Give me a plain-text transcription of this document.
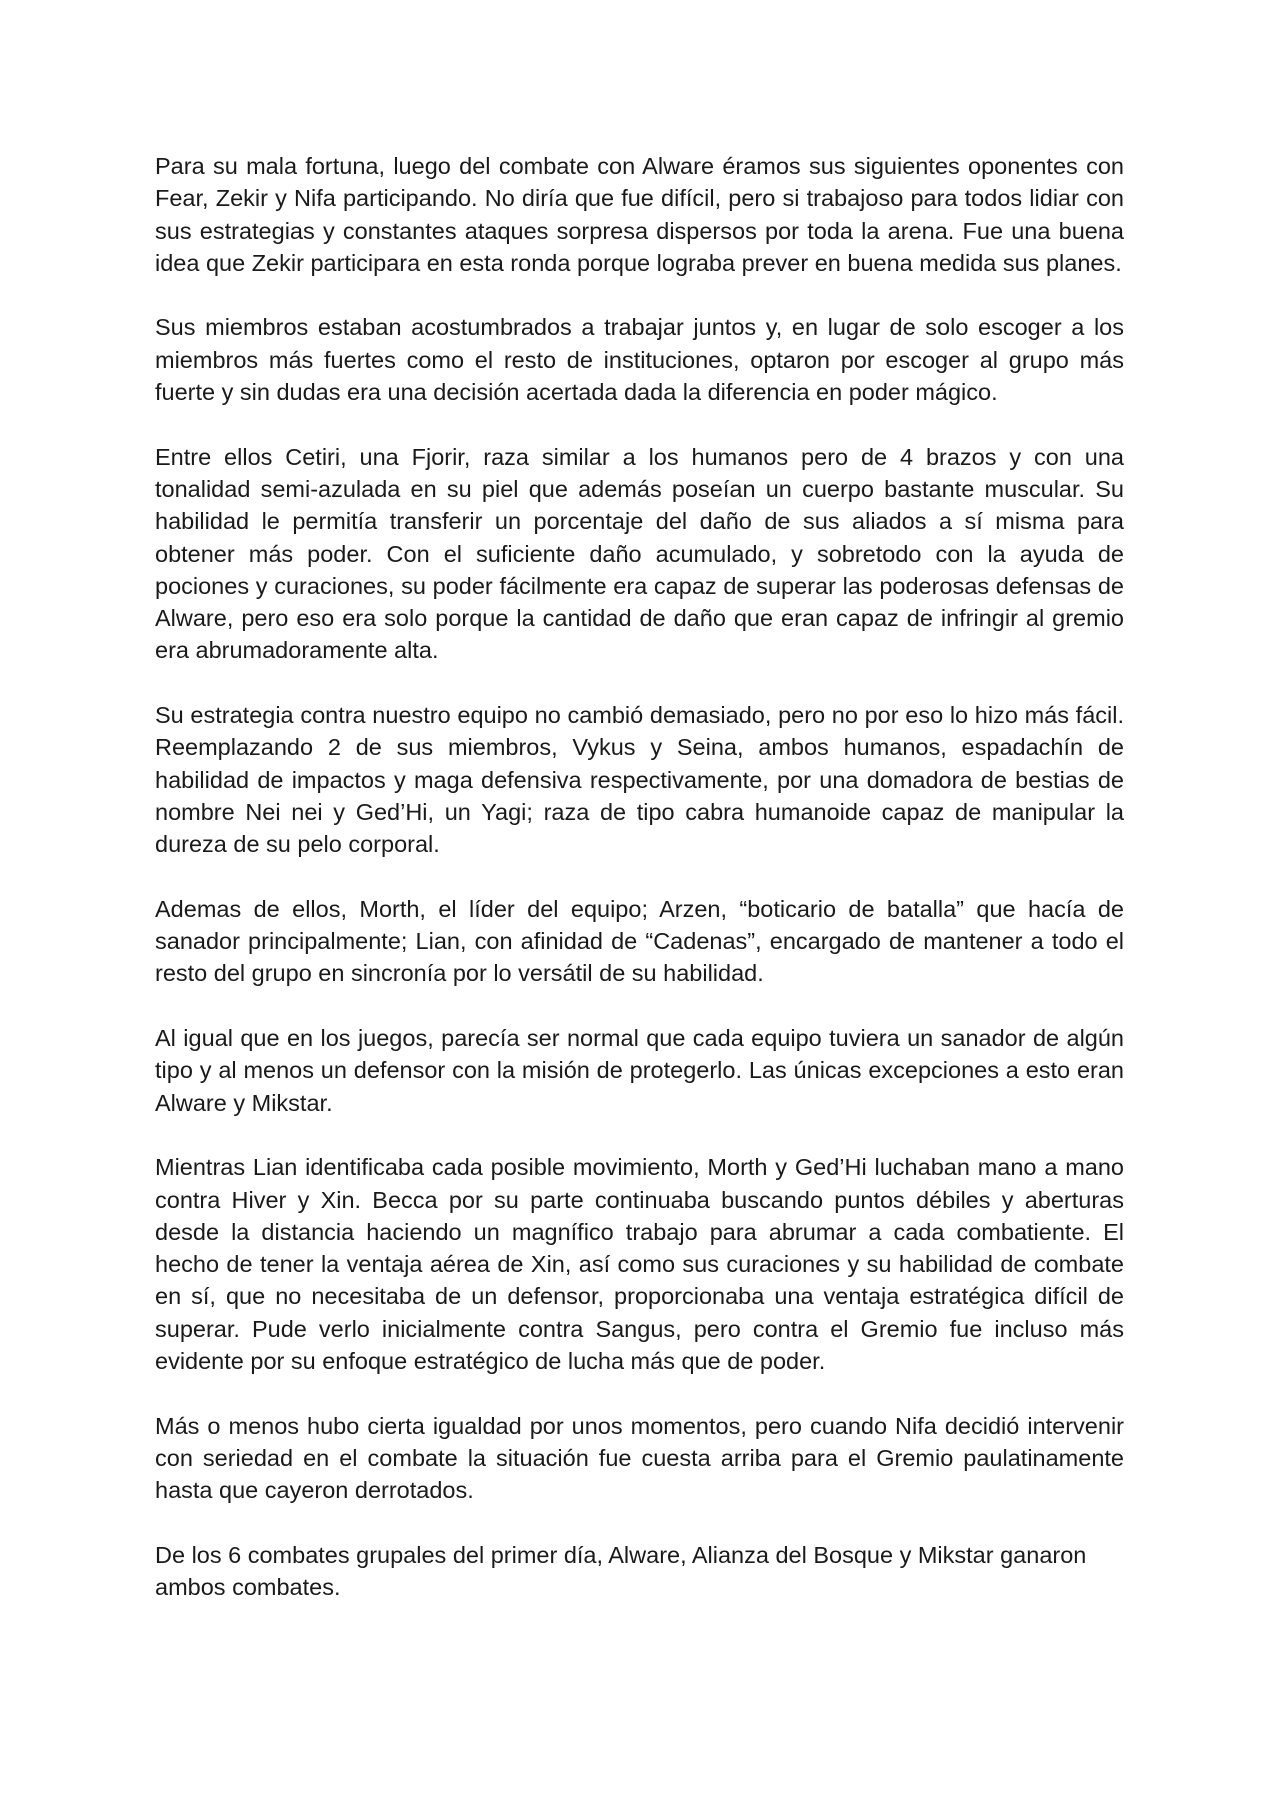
Para su mala fortuna, luego del combate con Alware éramos sus siguientes oponentes con Fear, Zekir y Nifa participando. No diría que fue difícil, pero si trabajoso para todos lidiar con sus estrategias y constantes ataques sorpresa dispersos por toda la arena. Fue una buena idea que Zekir participara en esta ronda porque lograba prever en buena medida sus planes.

Sus miembros estaban acostumbrados a trabajar juntos y, en lugar de solo escoger a los miembros más fuertes como el resto de instituciones, optaron por escoger al grupo más fuerte y sin dudas era una decisión acertada dada la diferencia en poder mágico.

Entre ellos Cetiri, una Fjorir, raza similar a los humanos pero de 4 brazos y con una tonalidad semi-azulada en su piel que además poseían un cuerpo bastante muscular. Su habilidad le permitía transferir un porcentaje del daño de sus aliados a sí misma para obtener más poder. Con el suficiente daño acumulado, y sobretodo con la ayuda de pociones y curaciones, su poder fácilmente era capaz de superar las poderosas defensas de Alware, pero eso era solo porque la cantidad de daño que eran capaz de infringir al gremio era abrumadoramente alta.

Su estrategia contra nuestro equipo no cambió demasiado, pero no por eso lo hizo más fácil. Reemplazando 2 de sus miembros, Vykus y Seina, ambos humanos, espadachín de habilidad de impactos y maga defensiva respectivamente, por una domadora de bestias de nombre Nei nei y Ged’Hi, un Yagi; raza de tipo cabra humanoide capaz de manipular la dureza de su pelo corporal.

Ademas de ellos, Morth, el líder del equipo; Arzen, “boticario de batalla” que hacía de sanador principalmente; Lian, con afinidad de “Cadenas”, encargado de mantener a todo el resto del grupo en sincronía por lo versátil de su habilidad.

Al igual que en los juegos, parecía ser normal que cada equipo tuviera un sanador de algún tipo y al menos un defensor con la misión de protegerlo. Las únicas excepciones a esto eran Alware y Mikstar.

Mientras Lian identificaba cada posible movimiento, Morth y Ged’Hi luchaban mano a mano contra Hiver y Xin. Becca por su parte continuaba buscando puntos débiles y aberturas desde la distancia haciendo un magnífico trabajo para abrumar a cada combatiente. El hecho de tener la ventaja aérea de Xin, así como sus curaciones y su habilidad de combate en sí, que no necesitaba de un defensor, proporcionaba una ventaja estratégica difícil de superar. Pude verlo inicialmente contra Sangus, pero contra el Gremio fue incluso más evidente por su enfoque estratégico de lucha más que de poder.

Más o menos hubo cierta igualdad por unos momentos, pero cuando Nifa decidió intervenir con seriedad en el combate la situación fue cuesta arriba para el Gremio paulatinamente hasta que cayeron derrotados.

De los 6 combates grupales del primer día, Alware, Alianza del Bosque y Mikstar ganaron ambos combates.
